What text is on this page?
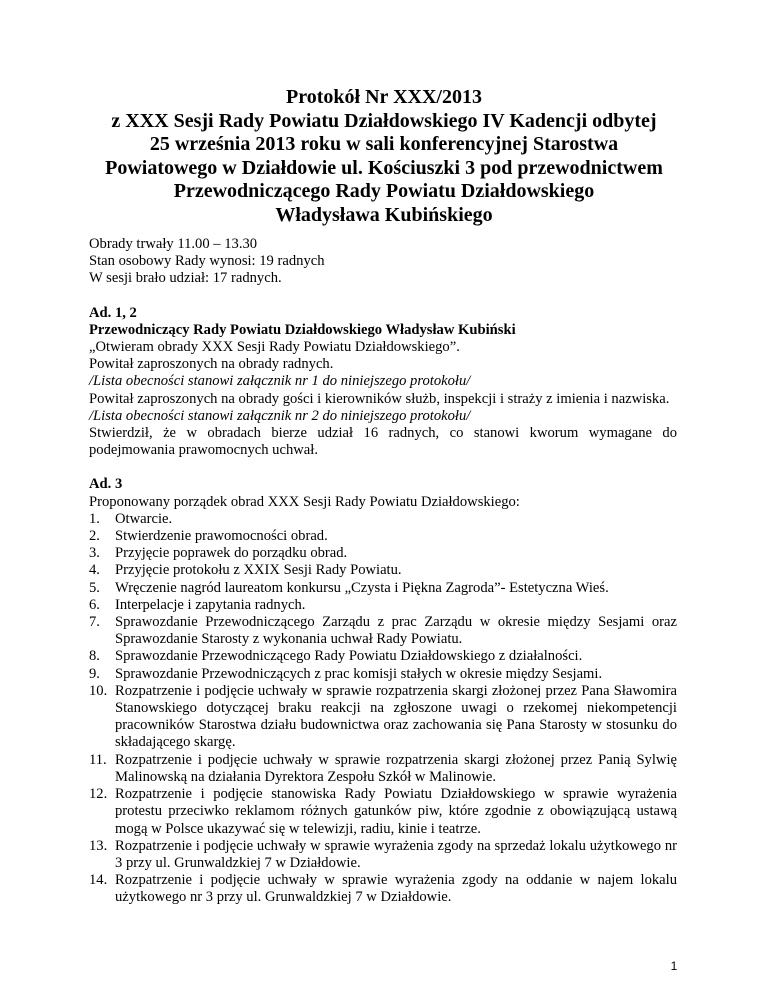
Protokół Nr XXX/2013
z XXX Sesji Rady Powiatu Działdowskiego IV Kadencji odbytej
25 września 2013 roku w sali konferencyjnej Starostwa
Powiatowego w Działdowie ul. Kościuszki 3 pod przewodnictwem
Przewodniczącego Rady Powiatu Działdowskiego
Władysława Kubińskiego
Obrady trwały 11.00 – 13.30
Stan osobowy Rady wynosi: 19 radnych
W sesji brało udział: 17 radnych.
Ad. 1, 2
Przewodniczący Rady Powiatu Działdowskiego Władysław Kubiński
„Otwieram obrady XXX Sesji Rady Powiatu Działdowskiego”.
Powitał zaproszonych na obrady radnych.
/Lista obecności stanowi załącznik nr 1 do niniejszego protokołu/
Powitał zaproszonych na obrady gości i kierowników służb, inspekcji i straży z imienia i nazwiska.
/Lista obecności stanowi załącznik nr 2 do niniejszego protokołu/
Stwierdził, że w obradach bierze udział 16 radnych, co stanowi kworum wymagane do podejmowania prawomocnych uchwał.
Ad. 3
Proponowany porządek obrad XXX Sesji Rady Powiatu Działdowskiego:
1. Otwarcie.
2. Stwierdzenie prawomocności obrad.
3. Przyjęcie poprawek do porządku obrad.
4. Przyjęcie protokołu z XXIX Sesji Rady Powiatu.
5. Wręczenie nagród laureatom konkursu „Czysta i Piękna Zagroda”- Estetyczna Wieś.
6. Interpelacje i zapytania radnych.
7. Sprawozdanie Przewodniczącego Zarządu z prac Zarządu w okresie między Sesjami oraz Sprawozdanie Starosty z wykonania uchwał Rady Powiatu.
8. Sprawozdanie Przewodniczącego Rady Powiatu Działdowskiego z działalności.
9. Sprawozdanie Przewodniczących z prac komisji stałych w okresie między Sesjami.
10. Rozpatrzenie i podjęcie uchwały w sprawie rozpatrzenia skargi złożonej przez Pana Sławomira Stanowskiego dotyczącej braku reakcji na zgłoszone uwagi o rzekomej niekompetencji pracowników Starostwa działu budownictwa oraz zachowania się Pana Starosty w stosunku do składającego skargę.
11. Rozpatrzenie i podjęcie uchwały w sprawie rozpatrzenia skargi złożonej przez Panią Sylwię Malinowską na działania Dyrektora Zespołu Szkół w Malinowie.
12. Rozpatrzenie i podjęcie stanowiska Rady Powiatu Działdowskiego w sprawie wyrażenia protestu przeciwko reklamom różnych gatunków piw, które zgodnie z obowiązującą ustawą mogą w Polsce ukazywać się w telewizji, radiu, kinie i teatrze.
13. Rozpatrzenie i podjęcie uchwały w sprawie wyrażenia zgody na sprzedaż lokalu użytkowego nr 3 przy ul. Grunwaldzkiej 7 w Działdowie.
14. Rozpatrzenie i podjęcie uchwały w sprawie wyrażenia zgody na oddanie w najem lokalu użytkowego nr 3 przy ul. Grunwaldzkiej 7 w Działdowie.
1
